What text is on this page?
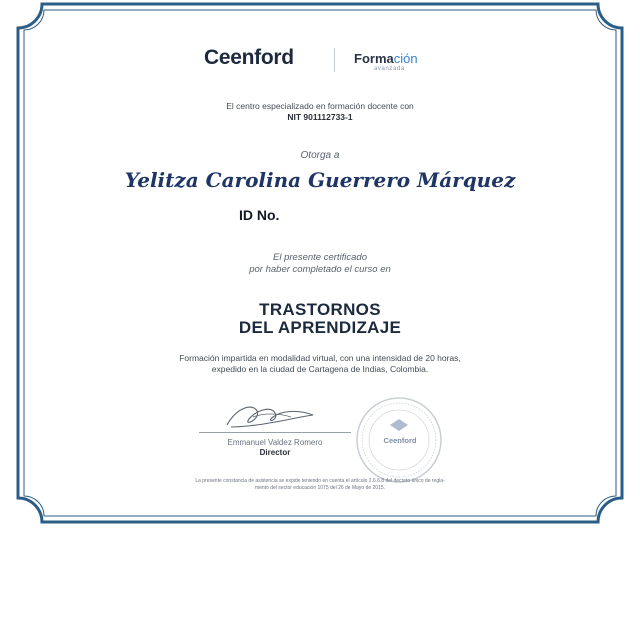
Ceenford	Formación
avanzada
El centro especializado en formación docente con
NIT 901112733-1
Otorga a
Yelitza Carolina Guerrero Márquez
ID No.
El presente certificado
por haber completado el curso en
TRASTORNOS
DEL APRENDIZAJE
Formación impartida en modalidad virtual, con una intensidad de 20 horas,
expedido en la ciudad de Cartagena de Indias, Colombia.
Emmanuel Valdez Romero
Director
Ceenford
La presente constancia de asistencia se expide teniendo en cuenta el artículo 2.6.6.8 del decreto único de regla-
mento del sector educación 1075 del 26 de Mayo de 2015.
